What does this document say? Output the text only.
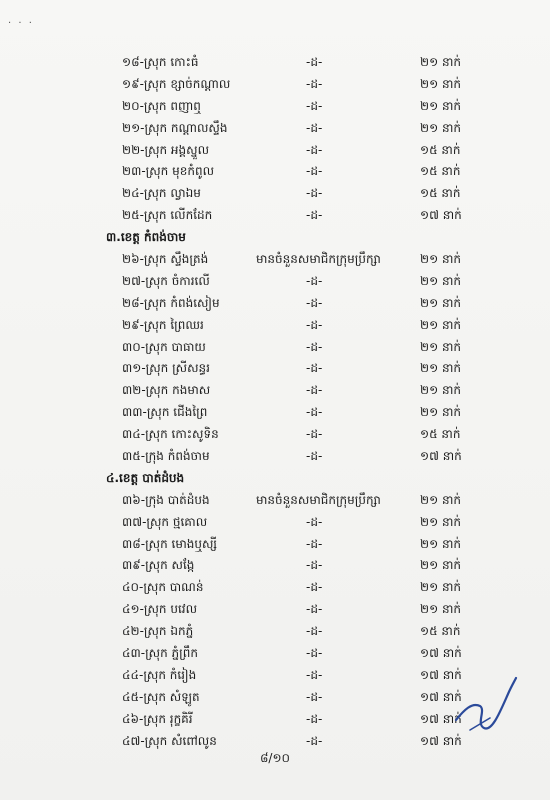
· · ·
១៨-ស្រុក កោះធំ	-ដ-	២១ នាក់
១៩-ស្រុក ខ្សាច់កណ្ដាល	-ដ-	២១ នាក់
២០-ស្រុក ពញាឮ	-ដ-	២១ នាក់
២១-ស្រុក កណ្ដាលស្ទឹង	-ដ-	២១ នាក់
២២-ស្រុក អង្គស្នួល	-ដ-	១៥ នាក់
២៣-ស្រុក មុខកំពូល	-ដ-	១៥ នាក់
២៤-ស្រុក ល្វាឯម	-ដ-	១៥ នាក់
២៥-ស្រុក លើកដែក	-ដ-	១៧ នាក់
៣.ខេត្ត កំពង់ចាម
២៦-ស្រុក ស្ទឹងត្រង់	មានចំនួនសមាជិកក្រុមប្រឹក្សា	២១ នាក់
២៧-ស្រុក ចំការលើ	-ដ-	២១ នាក់
២៨-ស្រុក កំពង់សៀម	-ដ-	២១ នាក់
២៩-ស្រុក ព្រៃឈរ	-ដ-	២១ នាក់
៣០-ស្រុក បាធាយ	-ដ-	២១ នាក់
៣១-ស្រុក ស្រីសន្ធរ	-ដ-	២១ នាក់
៣២-ស្រុក កងមាស	-ដ-	២១ នាក់
៣៣-ស្រុក ជើងព្រៃ	-ដ-	២១ នាក់
៣៤-ស្រុក កោះសូទិន	-ដ-	១៥ នាក់
៣៥-ក្រុង កំពង់ចាម	-ដ-	១៧ នាក់
៤.ខេត្ត បាត់ដំបង
៣៦-ក្រុង បាត់ដំបង	មានចំនួនសមាជិកក្រុមប្រឹក្សា	២១ នាក់
៣៧-ស្រុក ថ្មគោល	-ដ-	២១ នាក់
៣៨-ស្រុក មោងឬស្សី	-ដ-	២១ នាក់
៣៩-ស្រុក សង្កែ	-ដ-	២១ នាក់
៤០-ស្រុក បាណន់	-ដ-	២១ នាក់
៤១-ស្រុក បវេល	-ដ-	២១ នាក់
៤២-ស្រុក ឯកភ្នំ	-ដ-	១៥ នាក់
៤៣-ស្រុក ភ្នំព្រឹក	-ដ-	១៧ នាក់
៤៤-ស្រុក កំរៀង	-ដ-	១៧ នាក់
៤៥-ស្រុក សំឡូត	-ដ-	១៧ នាក់
៤៦-ស្រុក រុក្ខគិរី	-ដ-	១៧ នាក់
៤៧-ស្រុក សំពៅលូន	-ដ-	១៧ នាក់
៨/១០
